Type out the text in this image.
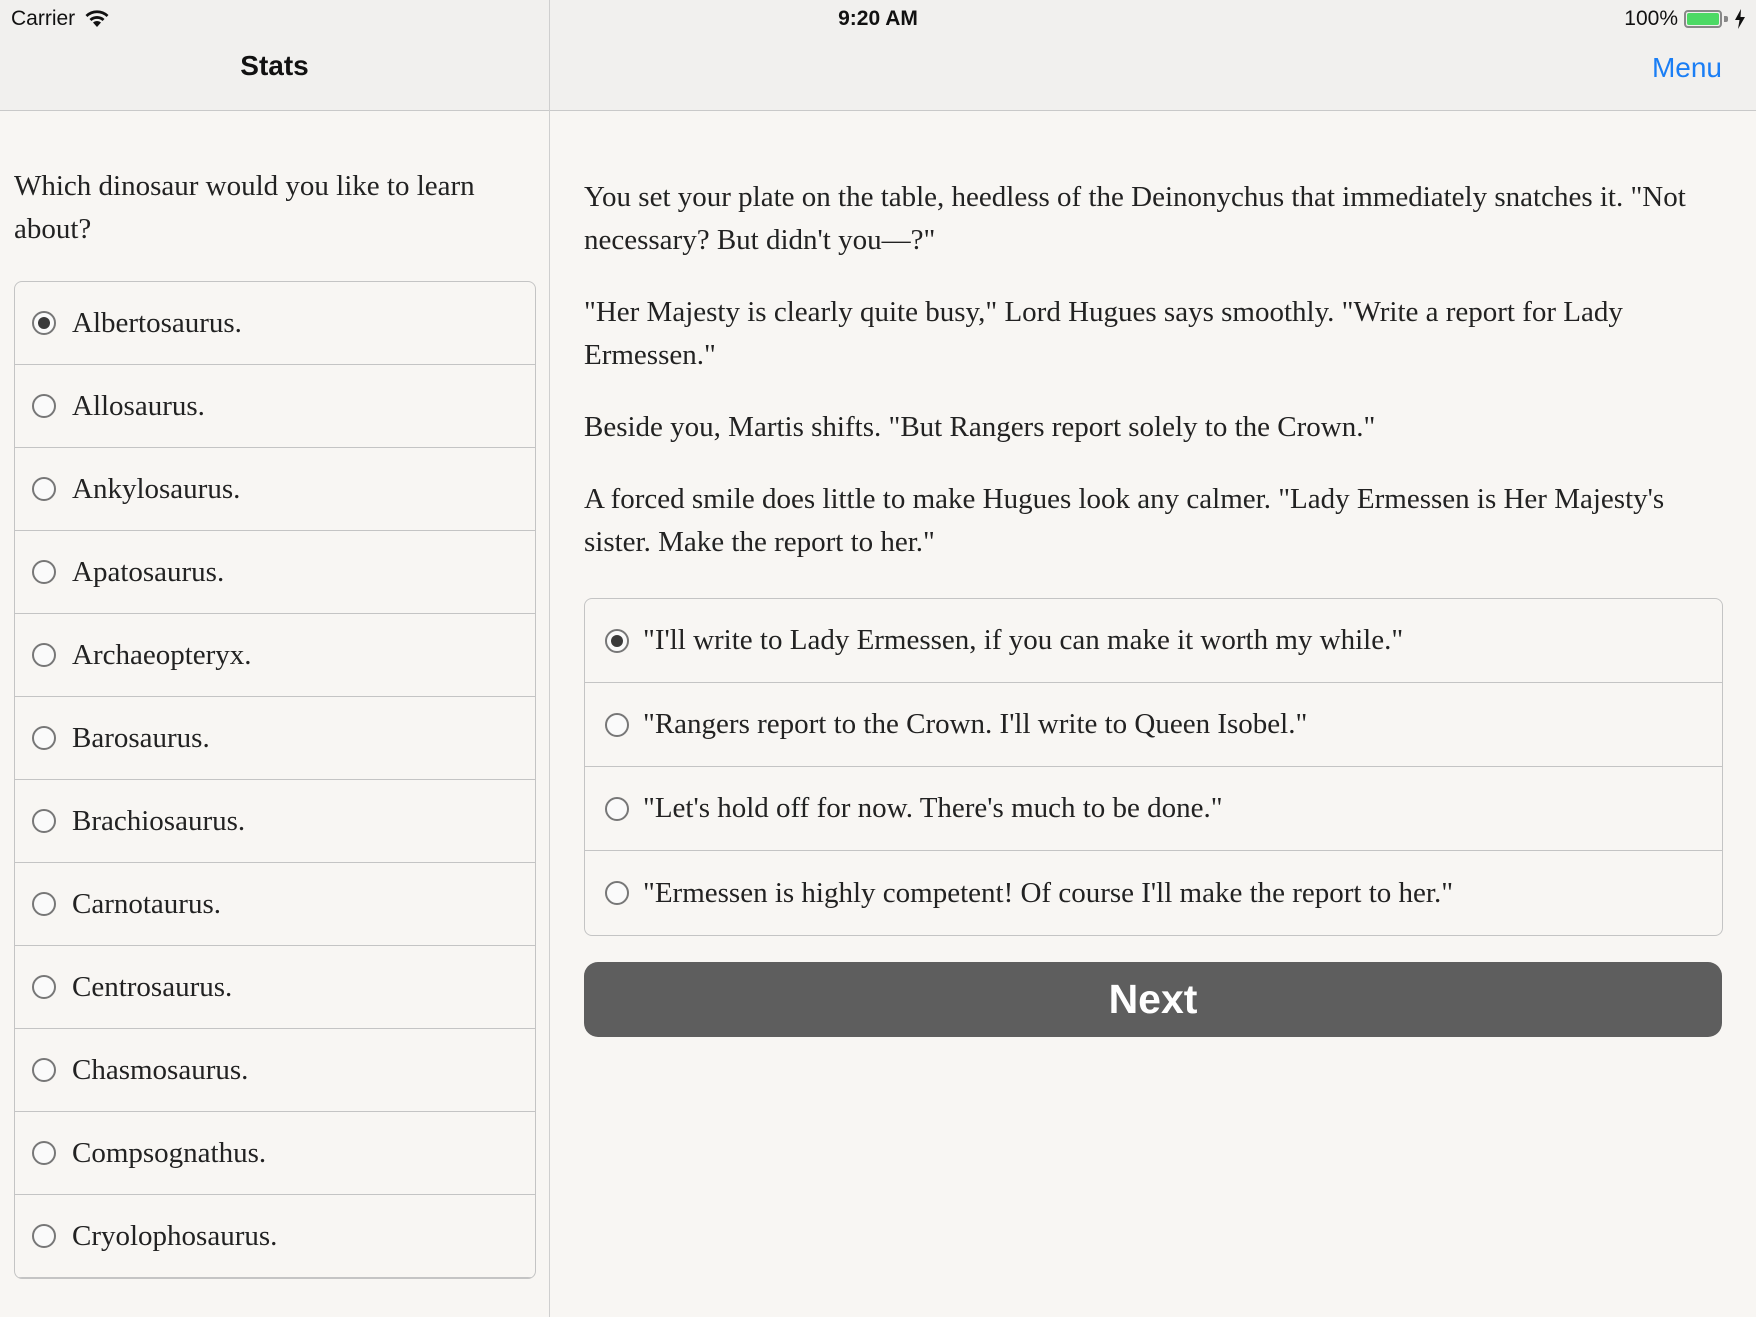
Carrier	9:20 AM	100%
Stats	Menu
Which dinosaur would you like to learn about?
Albertosaurus.
Allosaurus.
Ankylosaurus.
Apatosaurus.
Archaeopteryx.
Barosaurus.
Brachiosaurus.
Carnotaurus.
Centrosaurus.
Chasmosaurus.
Compsognathus.
Cryolophosaurus.

You set your plate on the table, heedless of the Deinonychus that immediately snatches it. "Not necessary? But didn't you—?"

"Her Majesty is clearly quite busy," Lord Hugues says smoothly. "Write a report for Lady Ermessen."

Beside you, Martis shifts. "But Rangers report solely to the Crown."

A forced smile does little to make Hugues look any calmer. "Lady Ermessen is Her Majesty's sister. Make the report to her."

"I'll write to Lady Ermessen, if you can make it worth my while."
"Rangers report to the Crown. I'll write to Queen Isobel."
"Let's hold off for now. There's much to be done."
"Ermessen is highly competent! Of course I'll make the report to her."
Next
